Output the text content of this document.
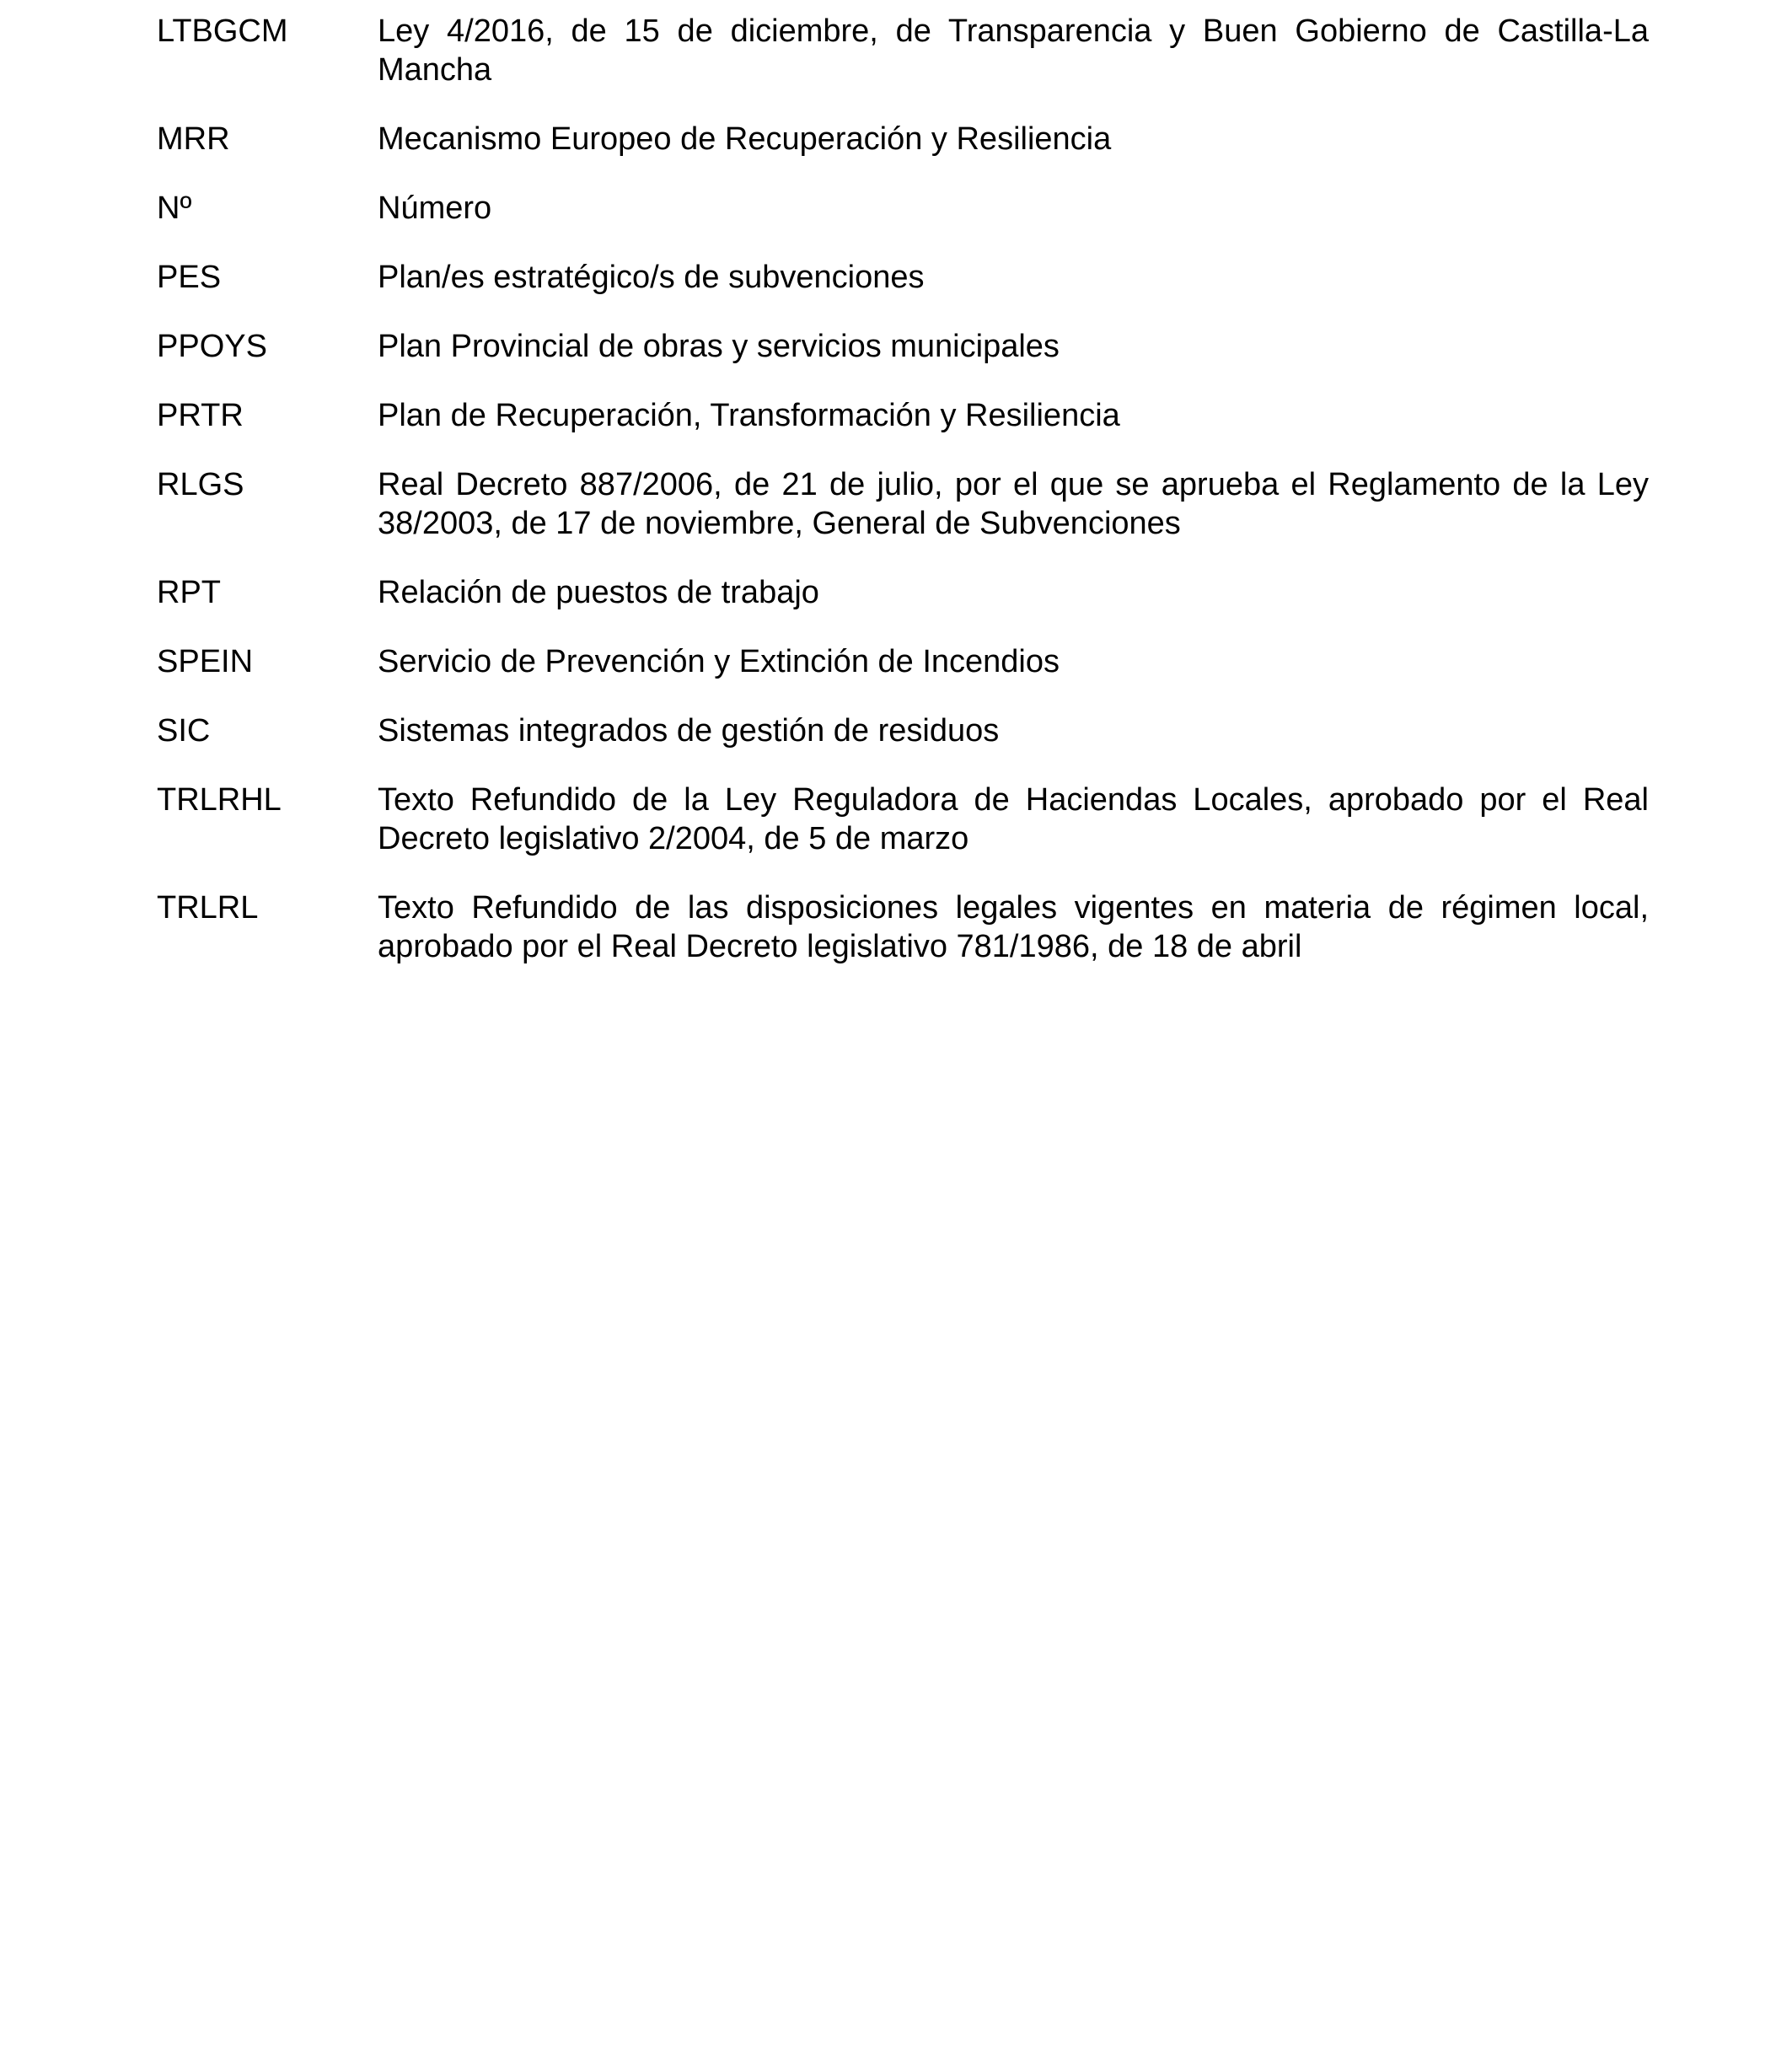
LTBGCM	Ley 4/2016, de 15 de diciembre, de Transparencia y Buen Gobierno de Castilla-La Mancha
MRR	Mecanismo Europeo de Recuperación y Resiliencia
Nº	Número
PES	Plan/es estratégico/s de subvenciones
PPOYS	Plan Provincial de obras y servicios municipales
PRTR	Plan de Recuperación, Transformación y Resiliencia
RLGS	Real Decreto 887/2006, de 21 de julio, por el que se aprueba el Reglamento de la Ley 38/2003, de 17 de noviembre, General de Subvenciones
RPT	Relación de puestos de trabajo
SPEIN	Servicio de Prevención y Extinción de Incendios
SIC	Sistemas integrados de gestión de residuos
TRLRHL	Texto Refundido de la Ley Reguladora de Haciendas Locales, aprobado por el Real Decreto legislativo 2/2004, de 5 de marzo
TRLRL	Texto Refundido de las disposiciones legales vigentes en materia de régimen local, aprobado por el Real Decreto legislativo 781/1986, de 18 de abril
